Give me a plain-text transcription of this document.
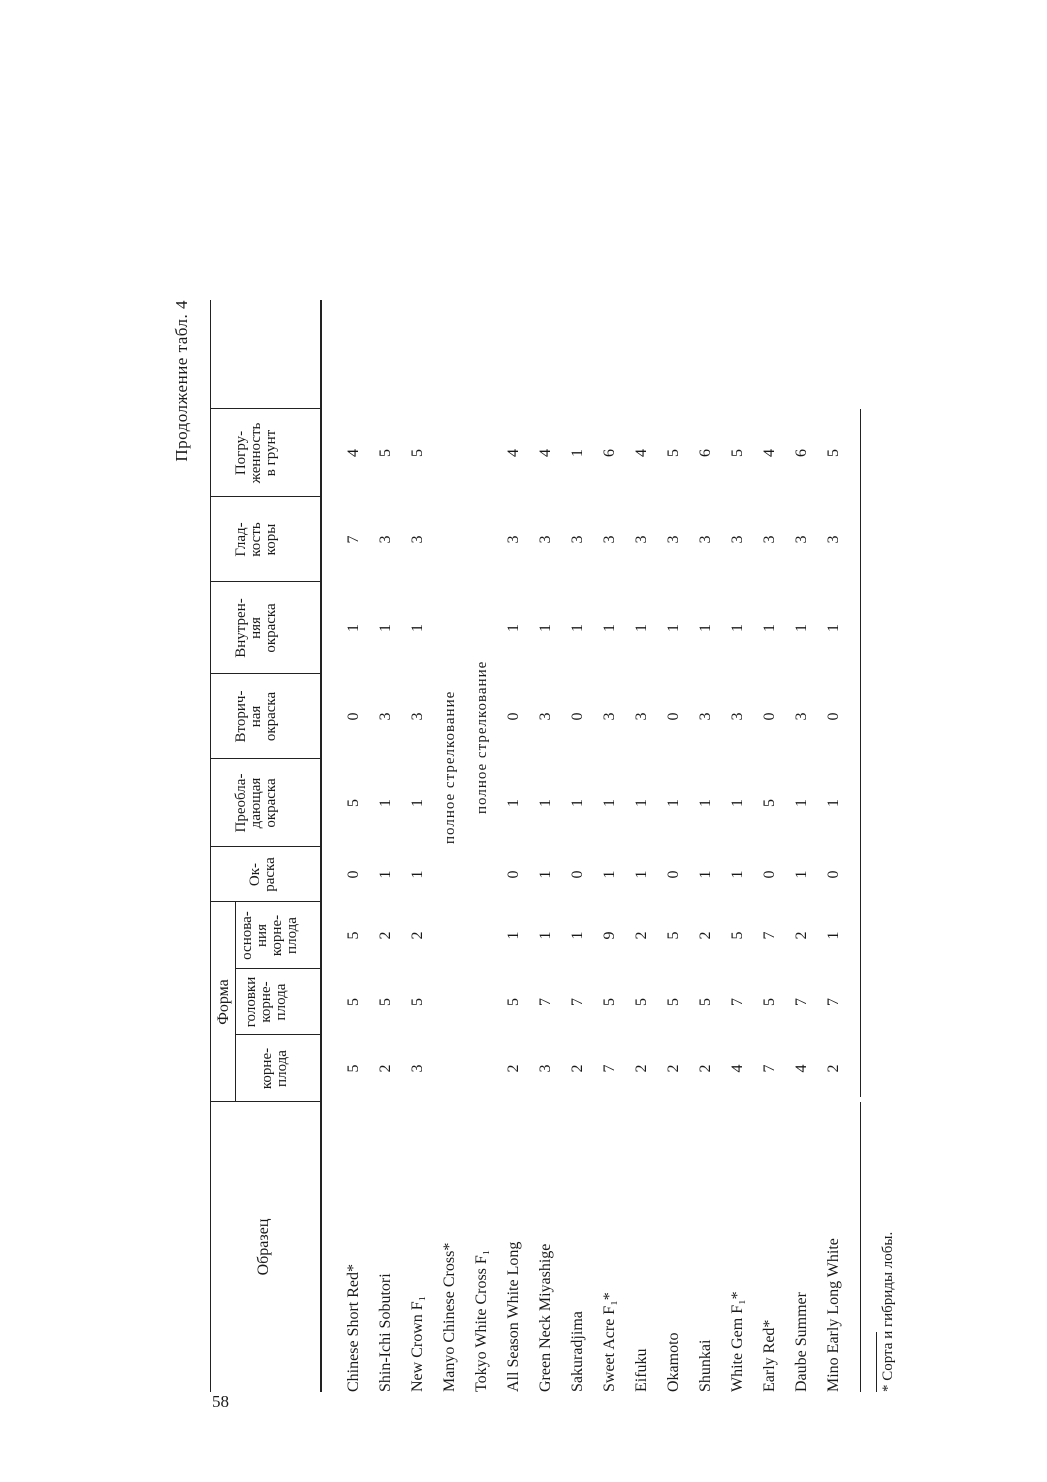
58
Продолжение табл. 4
Образец
Форма
корне-
плода
головки
корне-
плода
основа-
ния
корне-
плода
Ок-
раска
Преобла-
дающая
окраска
Вторич-
ная
окраска
Внутрен-
няя
окраска
Глад-
кость
коры
Погру-
женность
в грунт
Chinese Short Red*
5
5
5
0
5
0
1
7
4
Shin-Ichi Sobutori
2
5
2
1
1
3
1
3
5
New Crown F₁
3
5
2
1
1
3
1
3
5
Manyo Chinese Cross*
полное стрелкование
Tokyo White Cross F₁
полное стрелкование
All Season White Long
2
5
1
0
1
0
1
3
4
Green Neck Miyashige
3
7
1
1
1
3
1
3
4
Sakuradjima
2
7
1
0
1
0
1
3
1
Sweet Acre F₁*
7
5
9
1
1
3
1
3
6
Eifuku
2
5
2
1
1
3
1
3
4
Okamoto
2
5
5
0
1
0
1
3
5
Shunkai
2
5
2
1
1
3
1
3
6
White Gem F₁*
4
7
5
1
1
3
1
3
5
Early Red*
7
5
7
0
5
0
1
3
4
Daube Summer
4
7
2
1
1
3
1
3
6
Mino Early Long White
2
7
1
0
1
0
1
3
5
* Сорта и гибриды лобы.
